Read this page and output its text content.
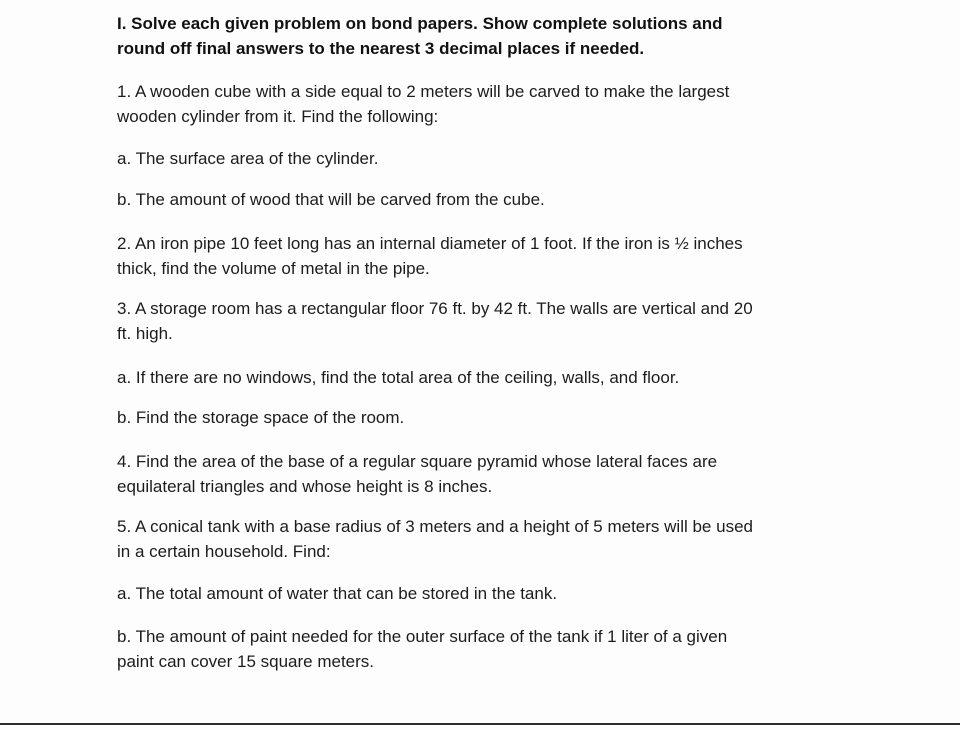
I. Solve each given problem on bond papers. Show complete solutions and

round off final answers to the nearest 3 decimal places if needed.

1. A wooden cube with a side equal to 2 meters will be carved to make the largest

wooden cylinder from it. Find the following:

a. The surface area of the cylinder.

b. The amount of wood that will be carved from the cube.

2. An iron pipe 10 feet long has an internal diameter of 1 foot. If the iron is ½ inches

thick, find the volume of metal in the pipe.

3. A storage room has a rectangular floor 76 ft. by 42 ft. The walls are vertical and 20

ft. high.

a. If there are no windows, find the total area of the ceiling, walls, and floor.

b. Find the storage space of the room.

4. Find the area of the base of a regular square pyramid whose lateral faces are

equilateral triangles and whose height is 8 inches.

5. A conical tank with a base radius of 3 meters and a height of 5 meters will be used

in a certain household. Find:

a. The total amount of water that can be stored in the tank.

b. The amount of paint needed for the outer surface of the tank if 1 liter of a given

paint can cover 15 square meters.
